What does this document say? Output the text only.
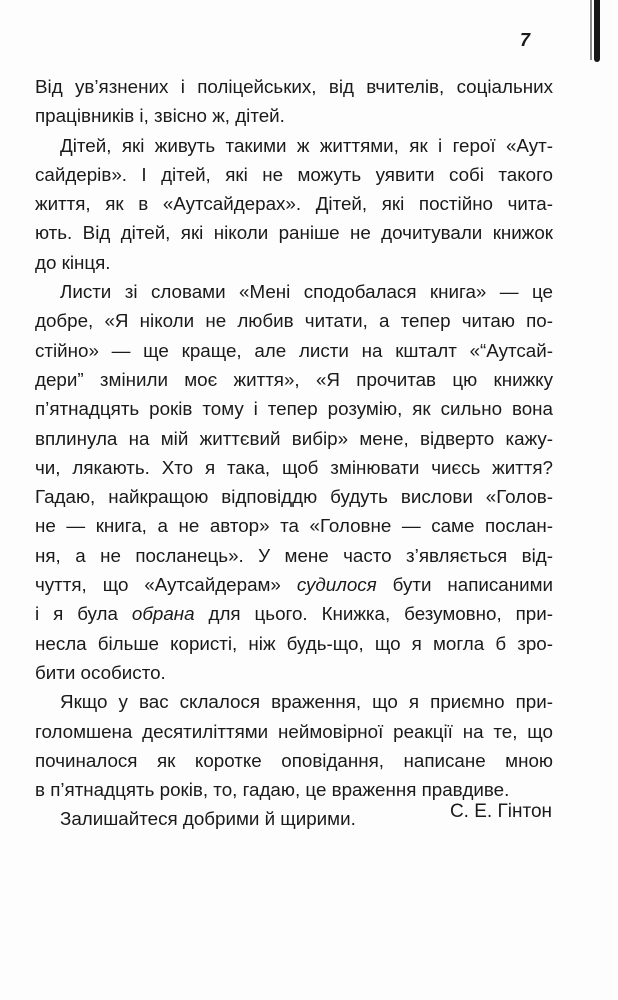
7
Від ув’язнених і поліцейських, від вчителів, соціальних
працівників і, звісно ж, дітей.
Дітей, які живуть такими ж життями, як і герої «Аут-
сайдерів». І дітей, які не можуть уявити собі такого
життя, як в «Аутсайдерах». Дітей, які постійно чита-
ють. Від дітей, які ніколи раніше не дочитували книжок
до кінця.
Листи зі словами «Мені сподобалася книга» — це
добре, «Я ніколи не любив читати, а тепер читаю по-
стійно» — ще краще, але листи на кшталт «“Аутсай-
дери” змінили моє життя», «Я прочитав цю книжку
п’ятнадцять років тому і тепер розумію, як сильно вона
вплинула на мій життєвий вибір» мене, відверто кажу-
чи, лякають. Хто я така, щоб змінювати чиєсь життя?
Гадаю, найкращою відповіддю будуть вислови «Голов-
не — книга, а не автор» та «Головне — саме послан-
ня, а не посланець». У мене часто з’являється від-
чуття, що «Аутсайдерам» судилося бути написаними
і я була обрана для цього. Книжка, безумовно, при-
несла більше користі, ніж будь-що, що я могла б зро-
бити особисто.
Якщо у вас склалося враження, що я приємно при-
голомшена десятиліттями неймовірної реакції на те, що
починалося як коротке оповідання, написане мною
в п’ятнадцять років, то, гадаю, це враження правдиве.
Залишайтеся добрими й щирими.	С. Е. Гінтон
